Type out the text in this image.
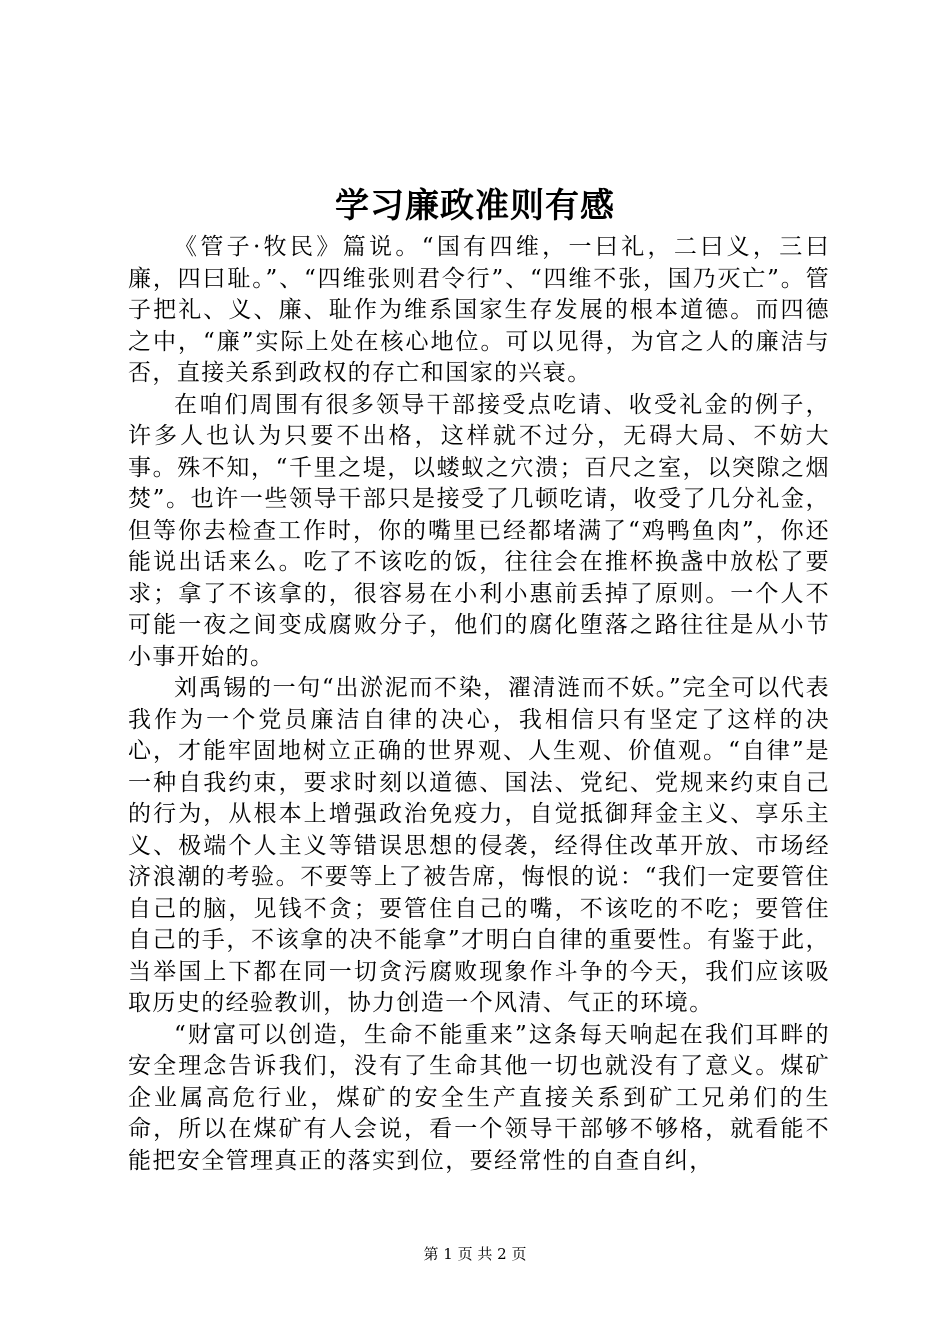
学习廉政准则有感

《管子·牧民》篇说。“国有四维，一曰礼，二曰义，三曰廉，四曰耻。”、“四维张则君令行”、“四维不张，国乃灭亡”。管子把礼、义、廉、耻作为维系国家生存发展的根本道德。而四德之中，“廉”实际上处在核心地位。可以见得，为官之人的廉洁与否，直接关系到政权的存亡和国家的兴衰。

在咱们周围有很多领导干部接受点吃请、收受礼金的例子，许多人也认为只要不出格，这样就不过分，无碍大局、不妨大事。殊不知，“千里之堤，以蝼蚁之穴溃；百尺之室，以突隙之烟焚”。也许一些领导干部只是接受了几顿吃请，收受了几分礼金，但等你去检查工作时，你的嘴里已经都堵满了“鸡鸭鱼肉”，你还能说出话来么。吃了不该吃的饭，往往会在推杯换盏中放松了要求；拿了不该拿的，很容易在小利小惠前丢掉了原则。一个人不可能一夜之间变成腐败分子，他们的腐化堕落之路往往是从小节小事开始的。

刘禹锡的一句“出淤泥而不染，濯清涟而不妖。”完全可以代表我作为一个党员廉洁自律的决心，我相信只有坚定了这样的决心，才能牢固地树立正确的世界观、人生观、价值观。“自律”是一种自我约束，要求时刻以道德、国法、党纪、党规来约束自己的行为，从根本上增强政治免疫力，自觉抵御拜金主义、享乐主义、极端个人主义等错误思想的侵袭，经得住改革开放、市场经济浪潮的考验。不要等上了被告席，悔恨的说：“我们一定要管住自己的脑，见钱不贪；要管住自己的嘴，不该吃的不吃；要管住自己的手，不该拿的决不能拿”才明白自律的重要性。有鉴于此，当举国上下都在同一切贪污腐败现象作斗争的今天，我们应该吸取历史的经验教训，协力创造一个风清、气正的环境。

“财富可以创造，生命不能重来”这条每天响起在我们耳畔的安全理念告诉我们，没有了生命其他一切也就没有了意义。煤矿企业属高危行业，煤矿的安全生产直接关系到矿工兄弟们的生命，所以在煤矿有人会说，看一个领导干部够不够格，就看能不能把安全管理真正的落实到位，要经常性的自查自纠，

第 1 页 共 2 页
